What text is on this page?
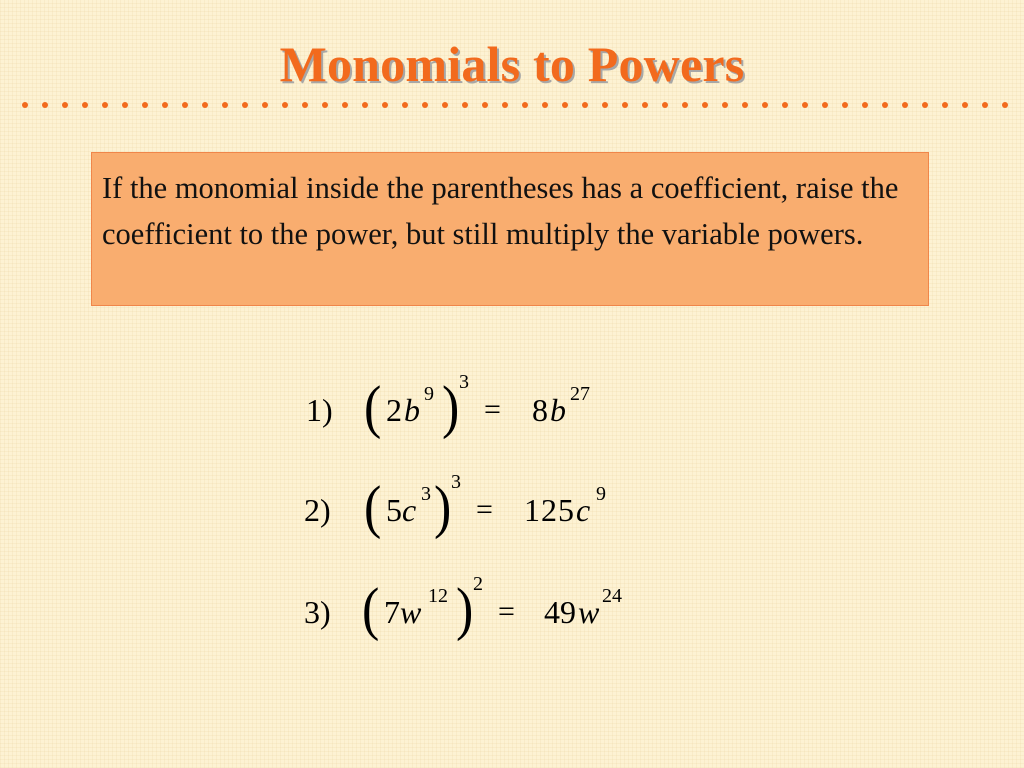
Monomials to Powers

If the monomial inside the parentheses has a coefficient, raise the coefficient to the power, but still multiply the variable powers.

1) ( 2 b 9 ) 3
= 8 b 27
2) ( 5 c 3 ) 3
= 125 c 9
3) ( 7 w 12 ) 2
= 49 w 24
